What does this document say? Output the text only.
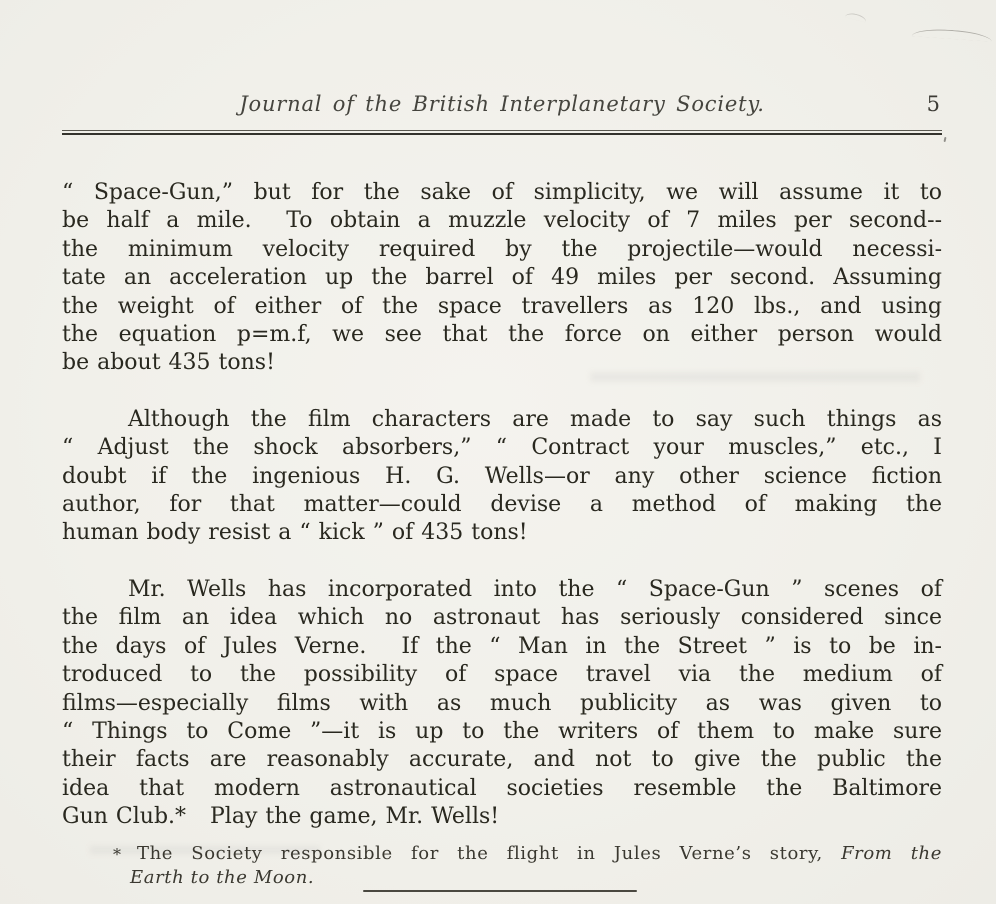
Journal of the British Interplanetary Society.	5
“ Space-Gun,” but for the sake of simplicity, we will assume it to
be half a mile.  To obtain a muzzle velocity of 7 miles per second--
the minimum velocity required by the projectile—would necessi-
tate an acceleration up the barrel of 49 miles per second. Assuming
the weight of either of the space travellers as 120 lbs., and using
the equation p=m.f, we see that the force on either person would
be about 435 tons!
Although the film characters are made to say such things as
“ Adjust the shock absorbers,” “ Contract your muscles,” etc., I
doubt if the ingenious H. G. Wells—or any other science fiction
author, for that matter—could devise a method of making the
human body resist a “ kick ” of 435 tons!
Mr. Wells has incorporated into the “ Space-Gun ” scenes of
the film an idea which no astronaut has seriously considered since
the days of Jules Verne.  If the “ Man in the Street ” is to be in-
troduced to the possibility of space travel via the medium of
films—especially films with as much publicity as was given to
“ Things to Come ”—it is up to the writers of them to make sure
their facts are reasonably accurate, and not to give the public the
idea that modern astronautical societies resemble the Baltimore
Gun Club.*   Play the game, Mr. Wells!
* The Society responsible for the flight in Jules Verne’s story, From the
Earth to the Moon.
